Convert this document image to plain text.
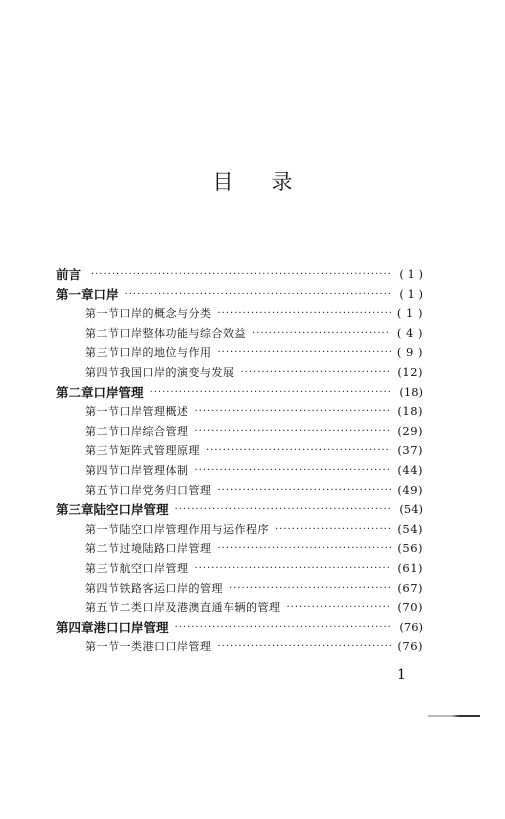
目 录
前言 ·····	( 1 )
第一章 口岸 ·····	( 1 )
第一节 口岸的概念与分类 ·····	( 1 )
第二节 口岸整体功能与综合效益 ·····	( 4 )
第三节 口岸的地位与作用 ·····	( 9 )
第四节 我国口岸的演变与发展 ·····	(12)
第二章 口岸管理 ·····	(18)
第一节 口岸管理概述 ·····	(18)
第二节 口岸综合管理 ·····	(29)
第三节 矩阵式管理原理 ·····	(37)
第四节 口岸管理体制 ·····	(44)
第五节 口岸党务归口管理 ·····	(49)
第三章 陆空口岸管理 ·····	(54)
第一节 陆空口岸管理作用与运作程序 ·····	(54)
第二节 过境陆路口岸管理 ·····	(56)
第三节 航空口岸管理 ·····	(61)
第四节 铁路客运口岸的管理 ·····	(67)
第五节 二类口岸及港澳直通车辆的管理 ·····	(70)
第四章 港口口岸管理 ·····	(76)
第一节 一类港口口岸管理 ·····	(76)
1
